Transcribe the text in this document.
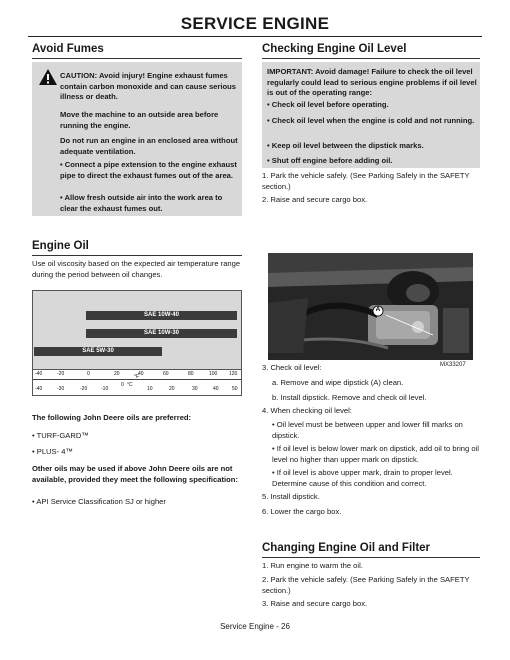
SERVICE ENGINE
Avoid Fumes
CAUTION: Avoid injury! Engine exhaust fumes contain carbon monoxide and can cause serious illness or death.
Move the machine to an outside area before running the engine.
Do not run an engine in an enclosed area without adequate ventilation.
• Connect a pipe extension to the engine exhaust pipe to direct the exhaust fumes out of the area.
• Allow fresh outside air into the work area to clear the exhaust fumes out.
Engine Oil
Use oil viscosity based on the expected air temperature range during the period between oil changes.
SAE 10W-40
SAE 10W-30
SAE 5W-30
-40	-20	0	20	°F
40	60	80	100 120
-40	-30	-20	-10
0 °C
10	20	30	40	50
The following John Deere oils are preferred:
• TURF-GARD™
• PLUS- 4™
Other oils may be used if above John Deere oils are not available, provided they meet the following specification:
• API Service Classification SJ or higher
Checking Engine Oil Level
IMPORTANT: Avoid damage! Failure to check the oil level regularly could lead to serious engine problems if oil level is out of the operating range:
• Check oil level before operating.
• Check oil level when the engine is cold and not running.
• Keep oil level between the dipstick marks.
• Shut off engine before adding oil.
1. Park the vehicle safely. (See Parking Safely in the SAFETY section.)
2. Raise and secure cargo box.
A
MX33207
3. Check oil level:
a. Remove and wipe dipstick (A) clean.
b. Install dipstick. Remove and check oil level.
4. When checking oil level:
• Oil level must be between upper and lower fill marks on dipstick.
• If oil level is below lower mark on dipstick, add oil to bring oil level no higher than upper mark on dipstick.
• If oil level is above upper mark, drain to proper level. Determine cause of this condition and correct.
5. Install dipstick.
6. Lower the cargo box.
Changing Engine Oil and Filter
1. Run engine to warm the oil.
2. Park the vehicle safely. (See Parking Safely in the SAFETY section.)
3. Raise and secure cargo box.
Service Engine - 26
